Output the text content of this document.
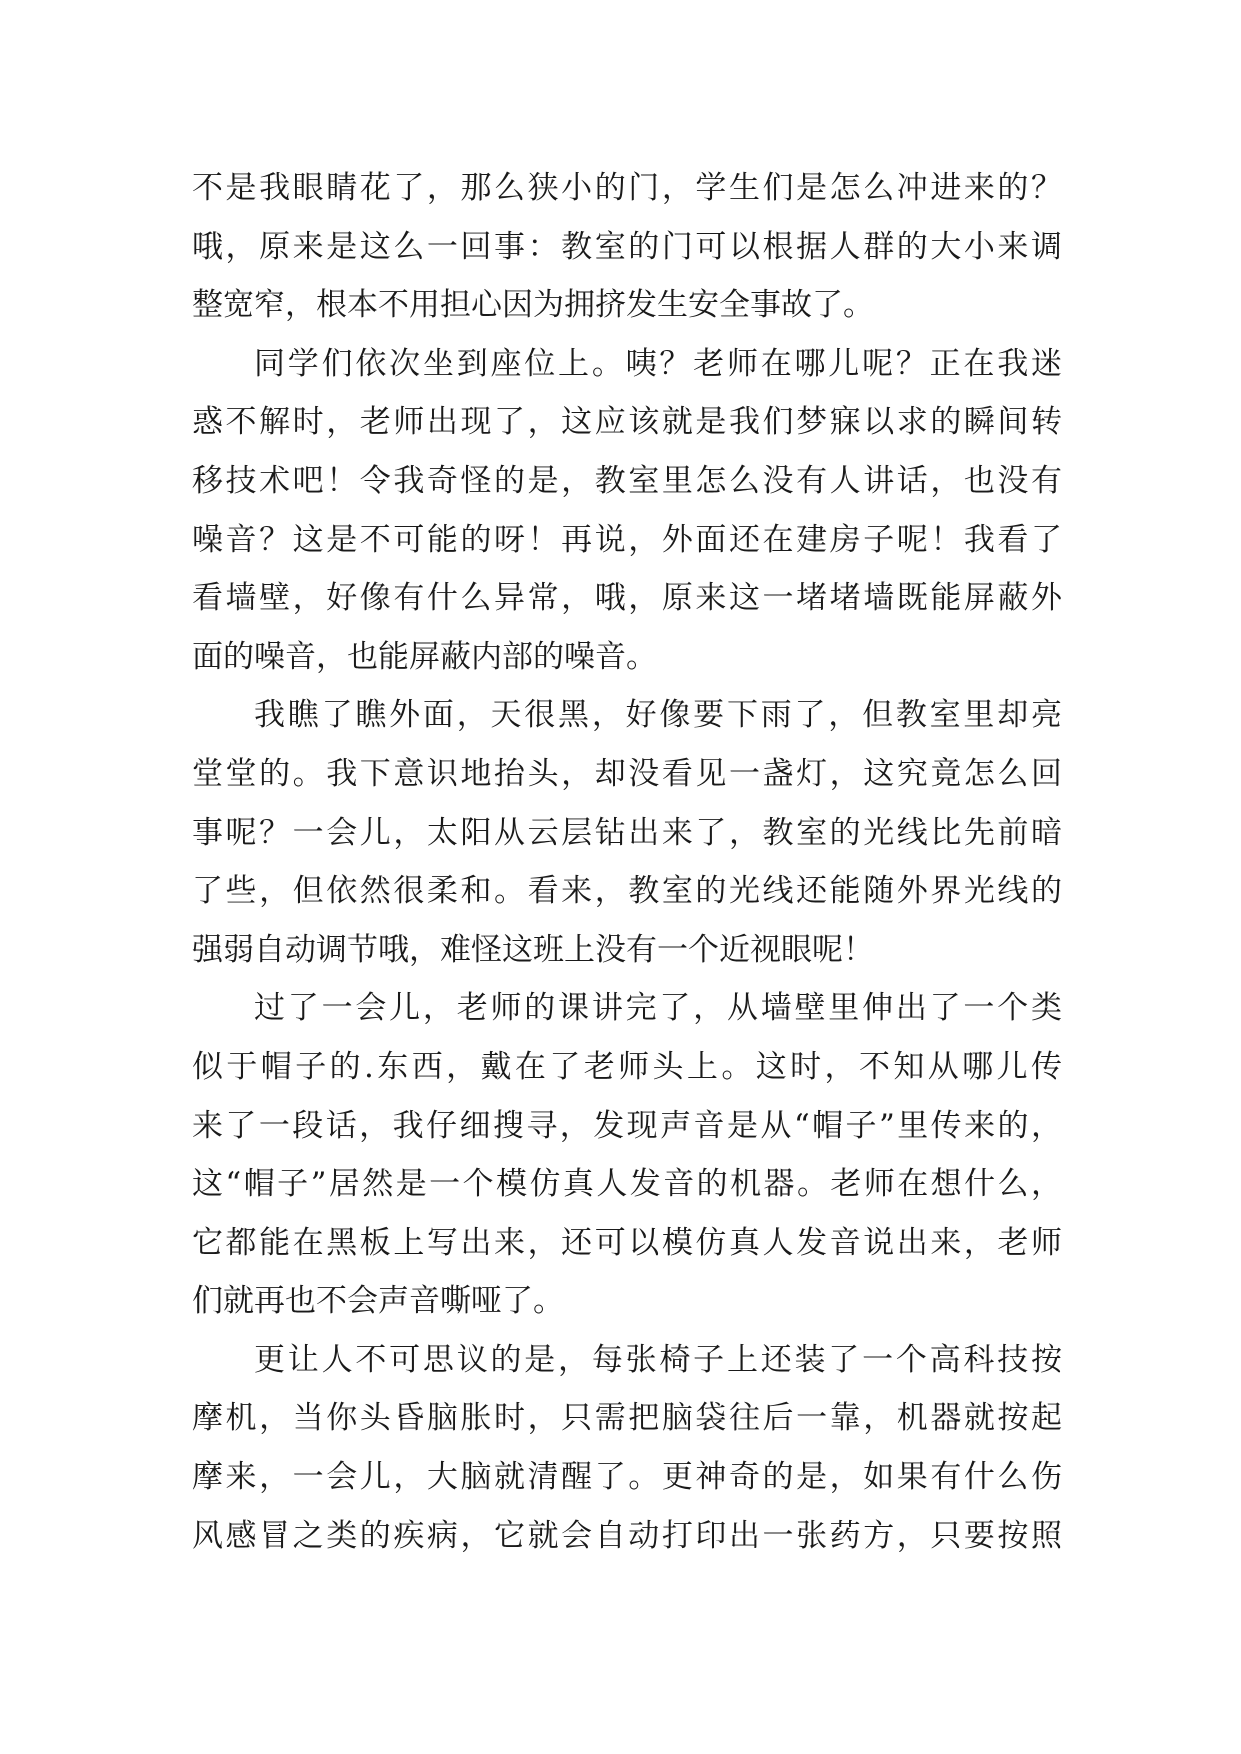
不是我眼睛花了，那么狭小的门，学生们是怎么冲进来的？
哦，原来是这么一回事：教室的门可以根据人群的大小来调
整宽窄，根本不用担心因为拥挤发生安全事故了。
同学们依次坐到座位上。咦？老师在哪儿呢？正在我迷
惑不解时，老师出现了，这应该就是我们梦寐以求的瞬间转
移技术吧！令我奇怪的是，教室里怎么没有人讲话，也没有
噪音？这是不可能的呀！再说，外面还在建房子呢！我看了
看墙壁，好像有什么异常，哦，原来这一堵堵墙既能屏蔽外
面的噪音，也能屏蔽内部的噪音。
我瞧了瞧外面，天很黑，好像要下雨了，但教室里却亮
堂堂的。我下意识地抬头，却没看见一盏灯，这究竟怎么回
事呢？一会儿，太阳从云层钻出来了，教室的光线比先前暗
了些，但依然很柔和。看来，教室的光线还能随外界光线的
强弱自动调节哦，难怪这班上没有一个近视眼呢！
过了一会儿，老师的课讲完了，从墙壁里伸出了一个类
似于帽子的.东西，戴在了老师头上。这时，不知从哪儿传
来了一段话，我仔细搜寻，发现声音是从“帽子”里传来的，
这“帽子”居然是一个模仿真人发音的机器。老师在想什么，
它都能在黑板上写出来，还可以模仿真人发音说出来，老师
们就再也不会声音嘶哑了。
更让人不可思议的是，每张椅子上还装了一个高科技按
摩机，当你头昏脑胀时，只需把脑袋往后一靠，机器就按起
摩来，一会儿，大脑就清醒了。更神奇的是，如果有什么伤
风感冒之类的疾病，它就会自动打印出一张药方，只要按照
